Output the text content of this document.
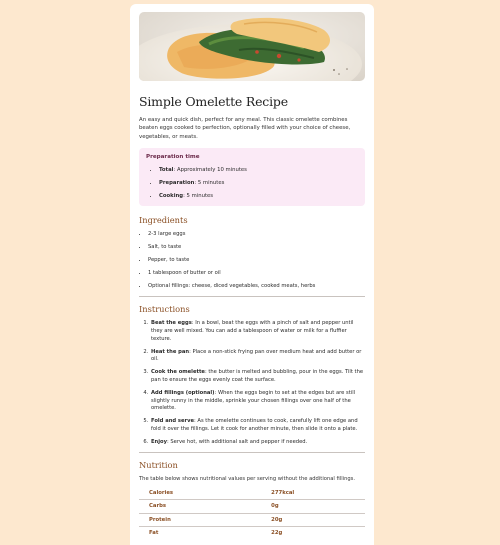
Simple Omelette Recipe

An easy and quick dish, perfect for any meal. This classic omelette combines beaten eggs cooked to perfection, optionally filled with your choice of cheese, vegetables, or meats.

Preparation time
• Total: Approximately 10 minutes
• Preparation: 5 minutes
• Cooking: 5 minutes
Ingredients
• 2-3 large eggs
• Salt, to taste
• Pepper, to taste
• 1 tablespoon of butter or oil
• Optional fillings: cheese, diced vegetables, cooked meats, herbs
Instructions
1. Beat the eggs: In a bowl, beat the eggs with a pinch of salt and pepper until they are well mixed. You can add a tablespoon of water or milk for a fluffier texture.
2. Heat the pan: Place a non-stick frying pan over medium heat and add butter or oil.
3. Cook the omelette: the butter is melted and bubbling, pour in the eggs. Tilt the pan to ensure the eggs evenly coat the surface.
4. Add fillings (optional): When the eggs begin to set at the edges but are still slightly runny in the middle, sprinkle your chosen fillings over one half of the omelette.
5. Fold and serve: As the omelette continues to cook, carefully lift one edge and fold it over the fillings. Let it cook for another minute, then slide it onto a plate.
6. Enjoy: Serve hot, with additional salt and pepper if needed.
Nutrition

The table below shows nutritional values per serving without the additional fillings.

Calories	277kcal
Carbs	0g
Protein	20g
Fat	22g
